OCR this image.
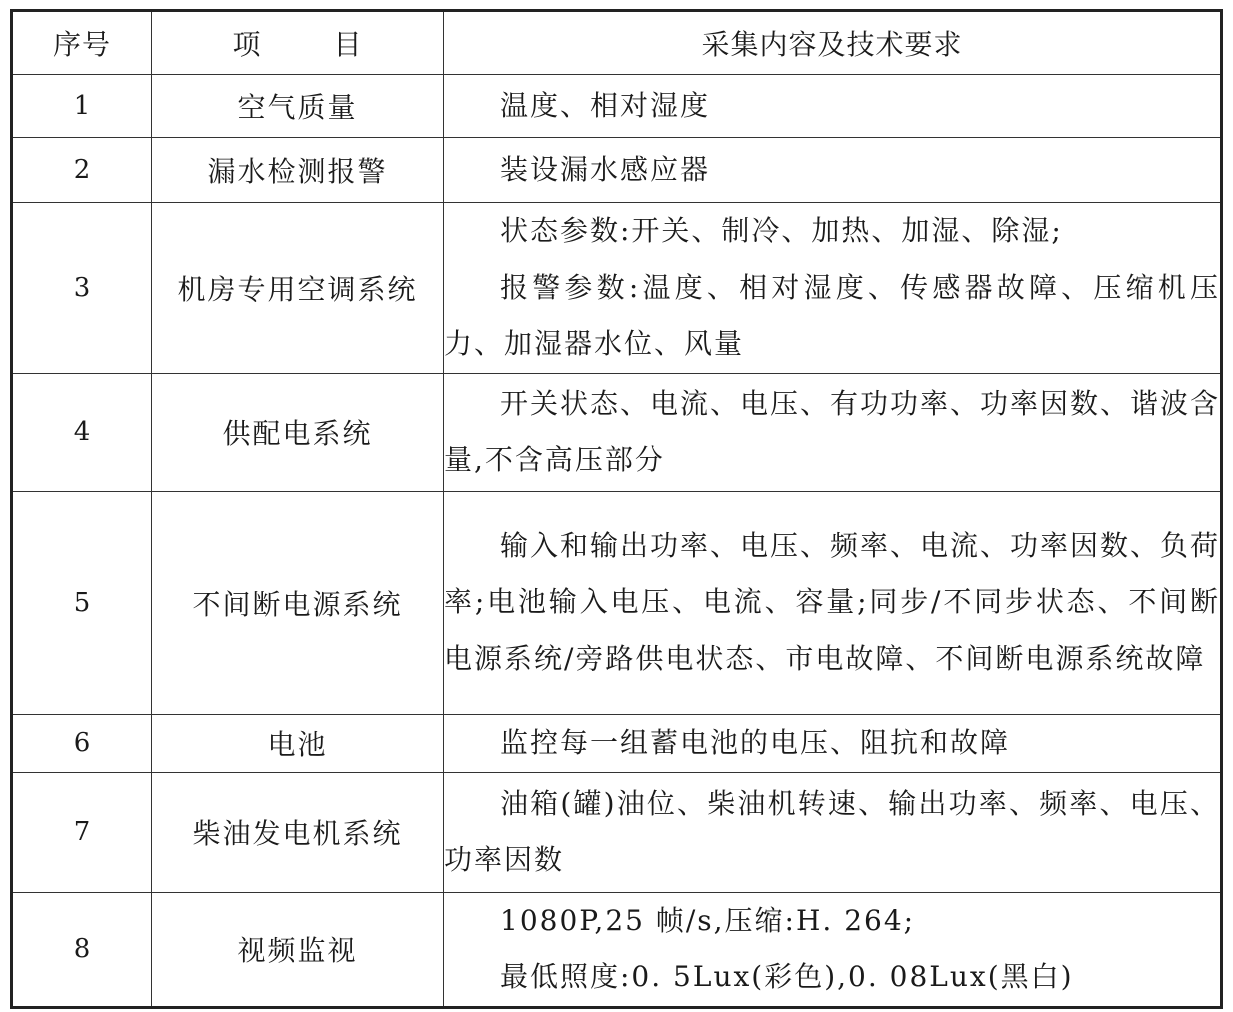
序号	项 目	采集内容及技术要求
1	空气质量	温度、相对湿度

2	漏水检测报警	装设漏水感应器

3	机房专用空调系统	状态参数:开关、制冷、加热、加湿、除湿;
报警参数:温度、相对湿度、传感器故障、压缩机压力、加湿器水位、风量

4	供配电系统	开关状态、电流、电压、有功功率、功率因数、谐波含量,不含高压部分

5	不间断电源系统	输入和输出功率、电压、频率、电流、功率因数、负荷率;电池输入电压、电流、容量;同步/不同步状态、不间断电源系统/旁路供电状态、市电故障、不间断电源系统故障

6	电池	监控每一组蓄电池的电压、阻抗和故障

7	柴油发电机系统	油箱(罐)油位、柴油机转速、输出功率、频率、电压、功率因数

8	视频监视	1080P,25 帧/s,压缩:H. 264;
最低照度:0. 5Lux(彩色),0. 08Lux(黑白)
